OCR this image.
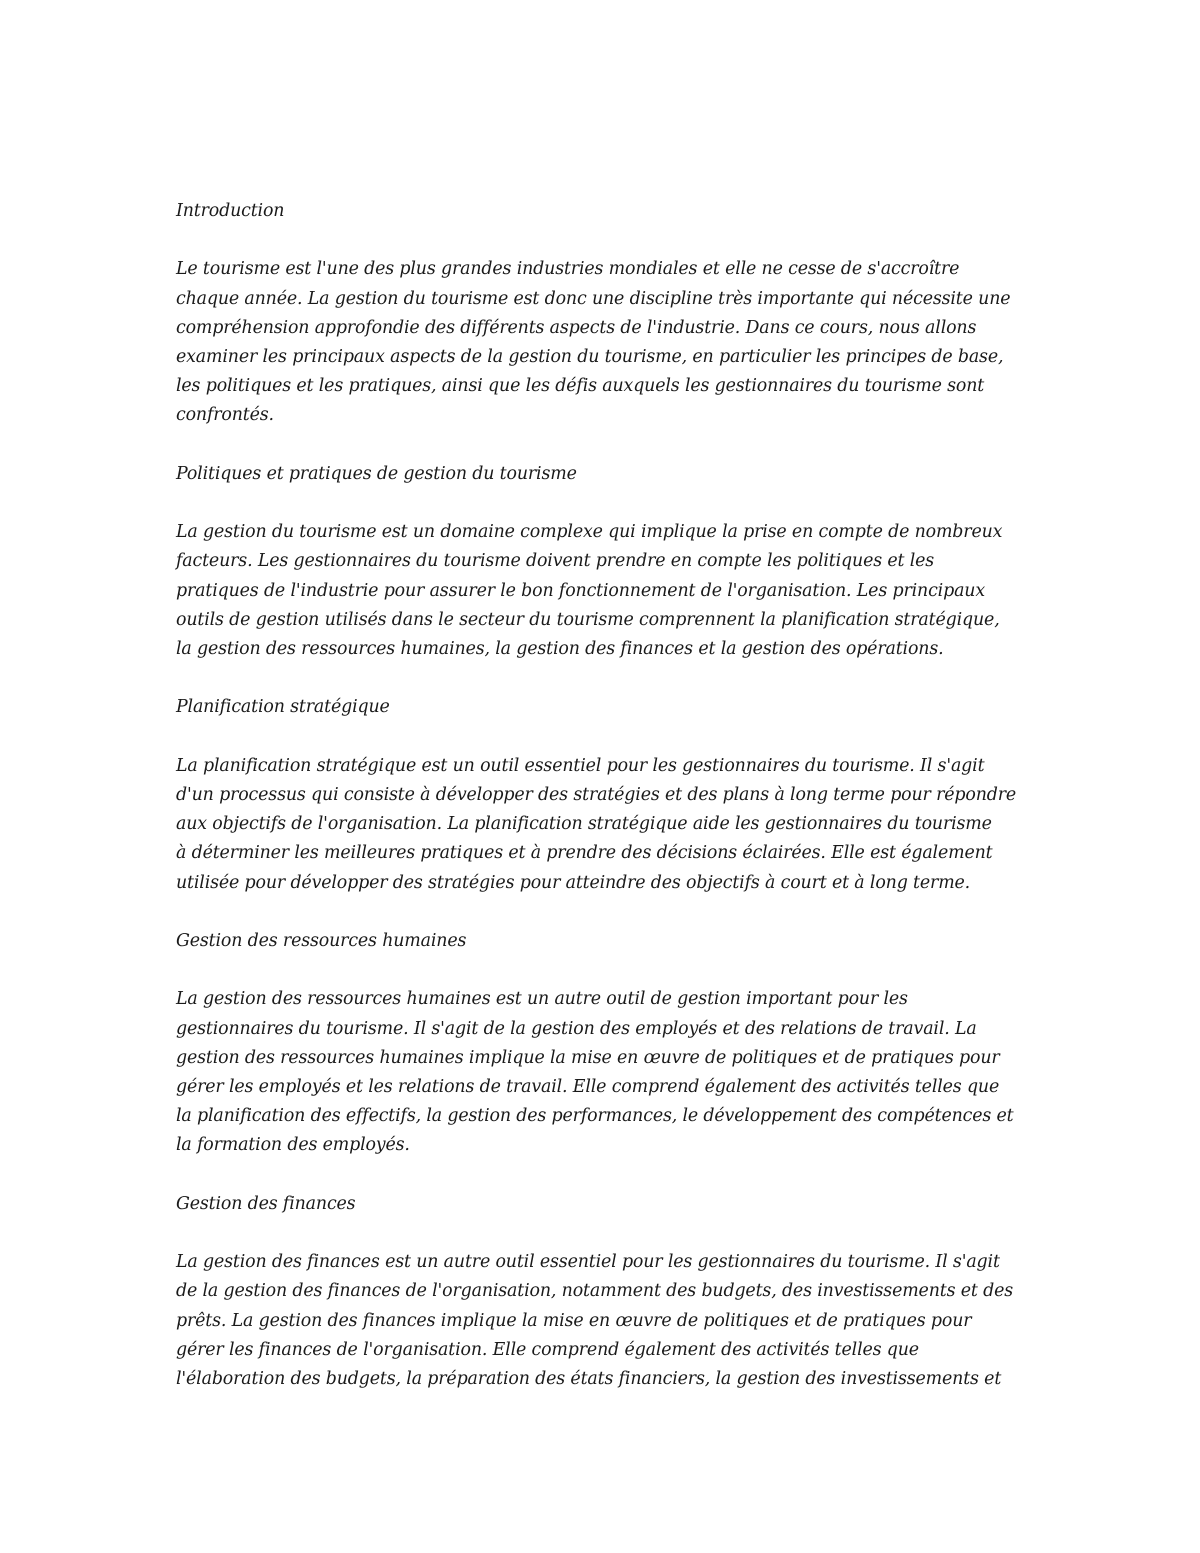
Introduction

Le tourisme est l'une des plus grandes industries mondiales et elle ne cesse de s'accroître
chaque année. La gestion du tourisme est donc une discipline très importante qui nécessite une
compréhension approfondie des différents aspects de l'industrie. Dans ce cours, nous allons
examiner les principaux aspects de la gestion du tourisme, en particulier les principes de base,
les politiques et les pratiques, ainsi que les défis auxquels les gestionnaires du tourisme sont
confrontés.

Politiques et pratiques de gestion du tourisme

La gestion du tourisme est un domaine complexe qui implique la prise en compte de nombreux
facteurs. Les gestionnaires du tourisme doivent prendre en compte les politiques et les
pratiques de l'industrie pour assurer le bon fonctionnement de l'organisation. Les principaux
outils de gestion utilisés dans le secteur du tourisme comprennent la planification stratégique,
la gestion des ressources humaines, la gestion des finances et la gestion des opérations.

Planification stratégique

La planification stratégique est un outil essentiel pour les gestionnaires du tourisme. Il s'agit
d'un processus qui consiste à développer des stratégies et des plans à long terme pour répondre
aux objectifs de l'organisation. La planification stratégique aide les gestionnaires du tourisme
à déterminer les meilleures pratiques et à prendre des décisions éclairées. Elle est également
utilisée pour développer des stratégies pour atteindre des objectifs à court et à long terme.

Gestion des ressources humaines

La gestion des ressources humaines est un autre outil de gestion important pour les
gestionnaires du tourisme. Il s'agit de la gestion des employés et des relations de travail. La
gestion des ressources humaines implique la mise en œuvre de politiques et de pratiques pour
gérer les employés et les relations de travail. Elle comprend également des activités telles que
la planification des effectifs, la gestion des performances, le développement des compétences et
la formation des employés.

Gestion des finances

La gestion des finances est un autre outil essentiel pour les gestionnaires du tourisme. Il s'agit
de la gestion des finances de l'organisation, notamment des budgets, des investissements et des
prêts. La gestion des finances implique la mise en œuvre de politiques et de pratiques pour
gérer les finances de l'organisation. Elle comprend également des activités telles que
l'élaboration des budgets, la préparation des états financiers, la gestion des investissements et
